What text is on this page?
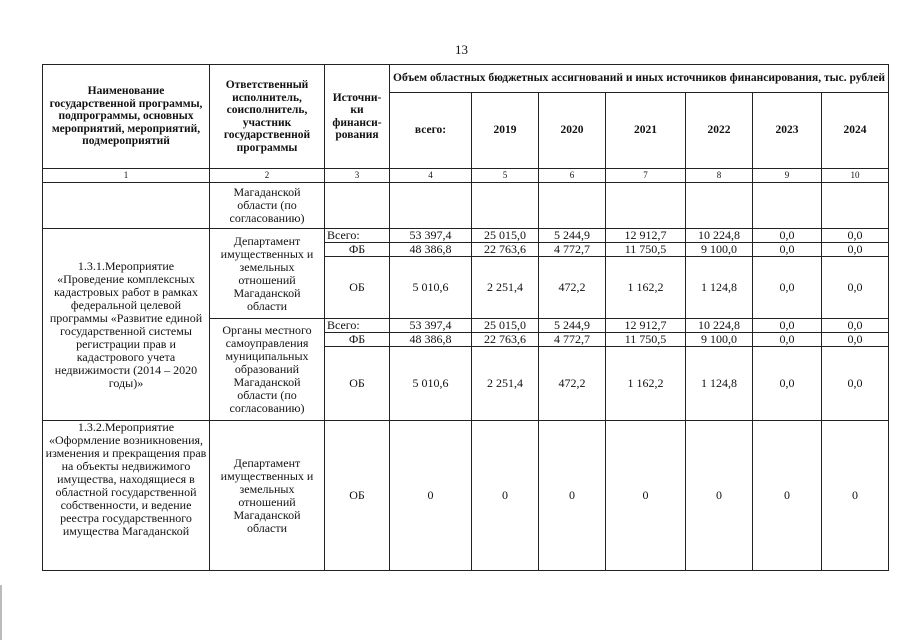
13
Наименование государственной программы, подпрограммы, основных мероприятий, мероприятий, подмероприятий	Ответственный исполнитель, соисполнитель, участник государственной программы	Источни-ки финанси-рования	Объем областных бюджетных ассигнований и иных источников финансирования, тыс. рублей						
			всего:	2019	2020	2021	2022	2023	2024
1	2	3	4	5	6	7	8	9	10
	Магаданской области (по согласованию)								
1.3.1.Мероприятие «Проведение комплексных кадастровых работ в рамках федеральной целевой программы «Развитие единой государственной системы регистрации прав и кадастрового учета недвижимости (2014 – 2020 годы)»	Департамент имущественных и земельных отношений Магаданской области	Всего:	53 397,4	25 015,0	5 244,9	12 912,7	10 224,8	0,0	0,0
		ФБ	48 386,8	22 763,6	4 772,7	11 750,5	9 100,0	0,0	0,0
		ОБ	5 010,6	2 251,4	472,2	1 162,2	1 124,8	0,0	0,0
	Органы местного самоуправления муниципальных образований Магаданской области (по согласованию)	Всего:	53 397,4	25 015,0	5 244,9	12 912,7	10 224,8	0,0	0,0
		ФБ	48 386,8	22 763,6	4 772,7	11 750,5	9 100,0	0,0	0,0
		ОБ	5 010,6	2 251,4	472,2	1 162,2	1 124,8	0,0	0,0
1.3.2.Мероприятие «Оформление возникновения, изменения и прекращения прав на объекты недвижимого имущества, находящиеся в областной государственной собственности, и ведение реестра государственного имущества Магаданской	Департамент имущественных и земельных отношений Магаданской области	ОБ	0	0	0	0	0	0	0
